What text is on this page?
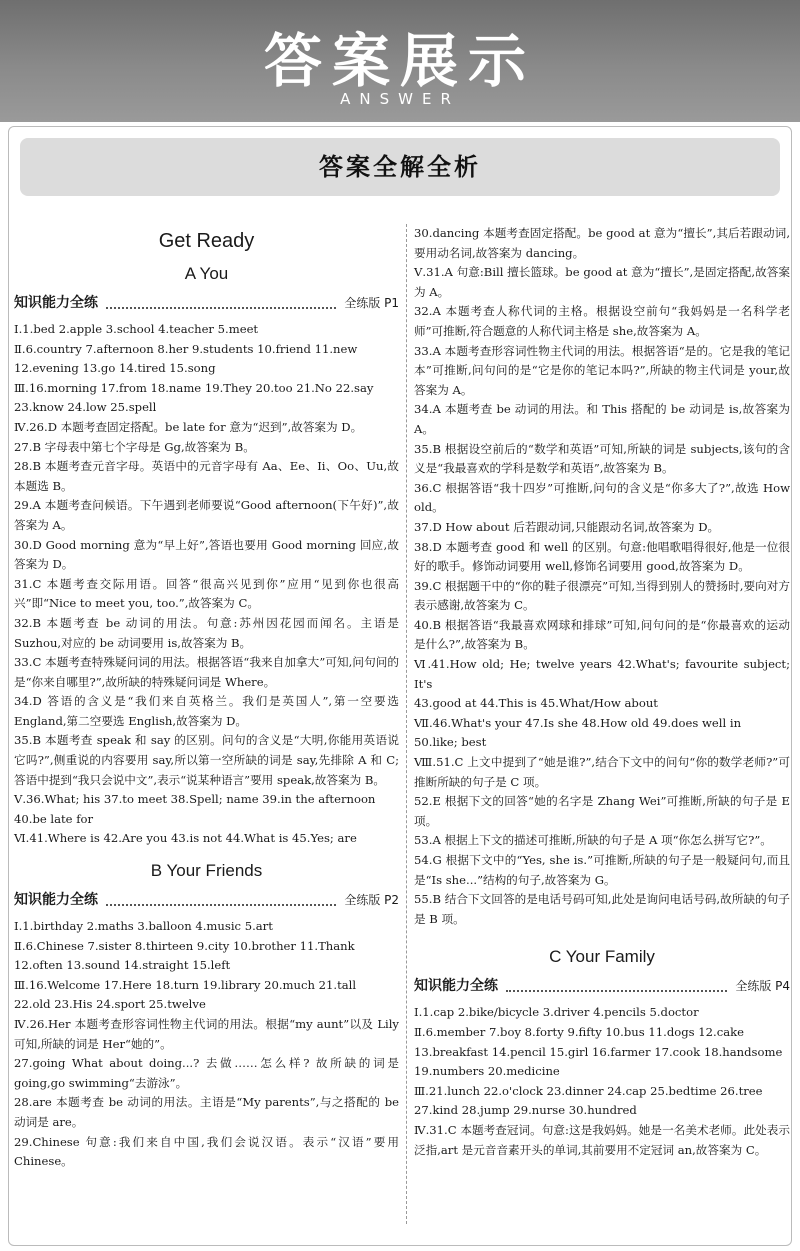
答案展示
ANSWER
答案全解全析
Get Ready
A You
知识能力全练	全练版 P1

Ⅰ.1.bed 2.apple 3.school 4.teacher 5.meet

Ⅱ.6.country 7.afternoon 8.her 9.students 10.friend 11.new

12.evening 13.go 14.tired 15.song

Ⅲ.16.morning 17.from 18.name 19.They 20.too 21.No 22.say

23.know 24.low 25.spell

Ⅳ.26.D 本题考查固定搭配。be late for 意为“迟到”,故答案为 D。

27.B 字母表中第七个字母是 Gg,故答案为 B。

28.B 本题考查元音字母。英语中的元音字母有 Aa、Ee、Ii、Oo、Uu,故本题选 B。

29.A 本题考查问候语。下午遇到老师要说“Good afternoon(下午好)”,故答案为 A。

30.D Good morning 意为“早上好”,答语也要用 Good morning 回应,故答案为 D。

31.C 本题考查交际用语。回答“很高兴见到你”应用“见到你也很高兴”即“Nice to meet you, too.”,故答案为 C。

32.B 本题考查 be 动词的用法。句意:苏州因花园而闻名。主语是 Suzhou,对应的 be 动词要用 is,故答案为 B。

33.C 本题考查特殊疑问词的用法。根据答语“我来自加拿大”可知,问句问的是“你来自哪里?”,故所缺的特殊疑问词是 Where。

34.D 答语的含义是“我们来自英格兰。我们是英国人”,第一空要选 England,第二空要选 English,故答案为 D。

35.B 本题考查 speak 和 say 的区别。问句的含义是“大明,你能用英语说它吗?”,侧重说的内容要用 say,所以第一空所缺的词是 say,先排除 A 和 C;答语中提到“我只会说中文”,表示“说某种语言”要用 speak,故答案为 B。

Ⅴ.36.What; his 37.to meet 38.Spell; name 39.in the afternoon

40.be late for

Ⅵ.41.Where is 42.Are you 43.is not 44.What is 45.Yes; are

B Your Friends
知识能力全练	全练版 P2

Ⅰ.1.birthday 2.maths 3.balloon 4.music 5.art

Ⅱ.6.Chinese 7.sister 8.thirteen 9.city 10.brother 11.Thank

12.often 13.sound 14.straight 15.left

Ⅲ.16.Welcome 17.Here 18.turn 19.library 20.much 21.tall

22.old 23.His 24.sport 25.twelve

Ⅳ.26.Her 本题考查形容词性物主代词的用法。根据“my aunt”以及 Lily 可知,所缺的词是 Her“她的”。

27.going What about doing...? 去做……怎么样? 故所缺的词是 going,go swimming“去游泳”。

28.are 本题考查 be 动词的用法。主语是“My parents”,与之搭配的 be 动词是 are。

29.Chinese 句意:我们来自中国,我们会说汉语。表示“汉语”要用 Chinese。

30.dancing 本题考查固定搭配。be good at 意为“擅长”,其后若跟动词,要用动名词,故答案为 dancing。

Ⅴ.31.A 句意:Bill 擅长篮球。be good at 意为“擅长”,是固定搭配,故答案为 A。

32.A 本题考查人称代词的主格。根据设空前句“我妈妈是一名科学老师”可推断,符合题意的人称代词主格是 she,故答案为 A。

33.A 本题考查形容词性物主代词的用法。根据答语“是的。它是我的笔记本”可推断,问句问的是“它是你的笔记本吗?”,所缺的物主代词是 your,故答案为 A。

34.A 本题考查 be 动词的用法。和 This 搭配的 be 动词是 is,故答案为 A。

35.B 根据设空前后的“数学和英语”可知,所缺的词是 subjects,该句的含义是“我最喜欢的学科是数学和英语”,故答案为 B。

36.C 根据答语“我十四岁”可推断,问句的含义是“你多大了?”,故选 How old。

37.D How about 后若跟动词,只能跟动名词,故答案为 D。

38.D 本题考查 good 和 well 的区别。句意:他唱歌唱得很好,他是一位很好的歌手。修饰动词要用 well,修饰名词要用 good,故答案为 D。

39.C 根据题干中的“你的鞋子很漂亮”可知,当得到别人的赞扬时,要向对方表示感谢,故答案为 C。

40.B 根据答语“我最喜欢网球和排球”可知,问句问的是“你最喜欢的运动是什么?”,故答案为 B。

Ⅵ.41.How old; He; twelve years 42.What's; favourite subject; It's

43.good at 44.This is 45.What/How about

Ⅶ.46.What's your 47.Is she 48.How old 49.does well in

50.like; best

Ⅷ.51.C 上文中提到了“她是谁?”,结合下文中的问句“你的数学老师?”可推断所缺的句子是 C 项。

52.E 根据下文的回答“她的名字是 Zhang Wei”可推断,所缺的句子是 E 项。

53.A 根据上下文的描述可推断,所缺的句子是 A 项“你怎么拼写它?”。

54.G 根据下文中的“Yes, she is.”可推断,所缺的句子是一般疑问句,而且是“Is she...”结构的句子,故答案为 G。

55.B 结合下文回答的是电话号码可知,此处是询问电话号码,故所缺的句子是 B 项。

C Your Family
知识能力全练	全练版 P4

Ⅰ.1.cap 2.bike/bicycle 3.driver 4.pencils 5.doctor

Ⅱ.6.member 7.boy 8.forty 9.fifty 10.bus 11.dogs 12.cake

13.breakfast 14.pencil 15.girl 16.farmer 17.cook 18.handsome

19.numbers 20.medicine

Ⅲ.21.lunch 22.o'clock 23.dinner 24.cap 25.bedtime 26.tree

27.kind 28.jump 29.nurse 30.hundred

Ⅳ.31.C 本题考查冠词。句意:这是我妈妈。她是一名美术老师。此处表示泛指,art 是元音音素开头的单词,其前要用不定冠词 an,故答案为 C。
